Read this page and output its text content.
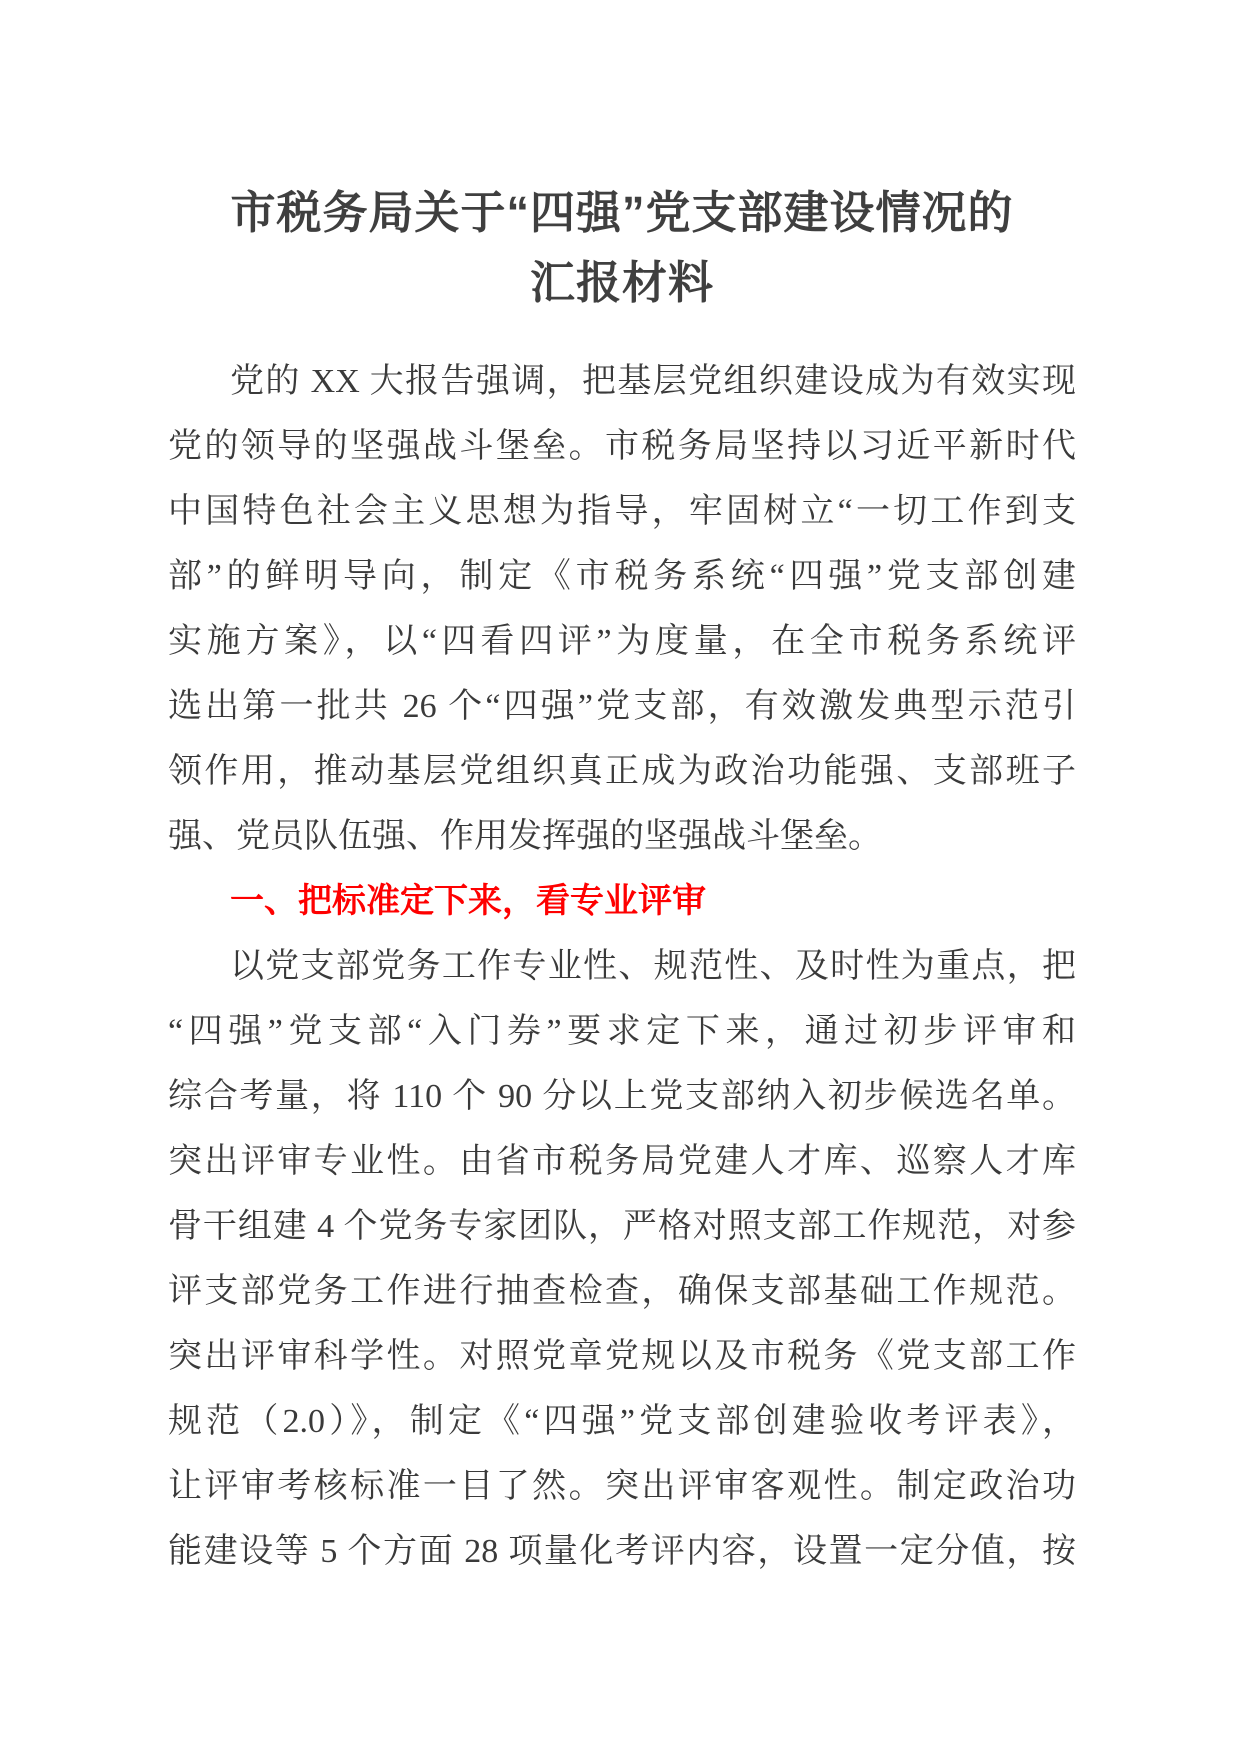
市税务局关于“四强”党支部建设情况的
汇报材料
党的 XX 大报告强调，把基层党组织建设成为有效实现
党的领导的坚强战斗堡垒。市税务局坚持以习近平新时代
中国特色社会主义思想为指导，牢固树立“一切工作到支
部”的鲜明导向，制定《市税务系统“四强”党支部创建
实施方案》，以“四看四评”为度量，在全市税务系统评
选出第一批共 26 个“四强”党支部，有效激发典型示范引
领作用，推动基层党组织真正成为政治功能强、支部班子
强、党员队伍强、作用发挥强的坚强战斗堡垒。
一、把标准定下来，看专业评审
以党支部党务工作专业性、规范性、及时性为重点，把
“四强”党支部“入门券”要求定下来，通过初步评审和
综合考量，将 110 个 90 分以上党支部纳入初步候选名单。
突出评审专业性。由省市税务局党建人才库、巡察人才库
骨干组建 4 个党务专家团队，严格对照支部工作规范，对参
评支部党务工作进行抽查检查，确保支部基础工作规范。
突出评审科学性。对照党章党规以及市税务《党支部工作
规范（2.0）》，制定《“四强”党支部创建验收考评表》，
让评审考核标准一目了然。突出评审客观性。制定政治功
能建设等 5 个方面 28 项量化考评内容，设置一定分值，按
